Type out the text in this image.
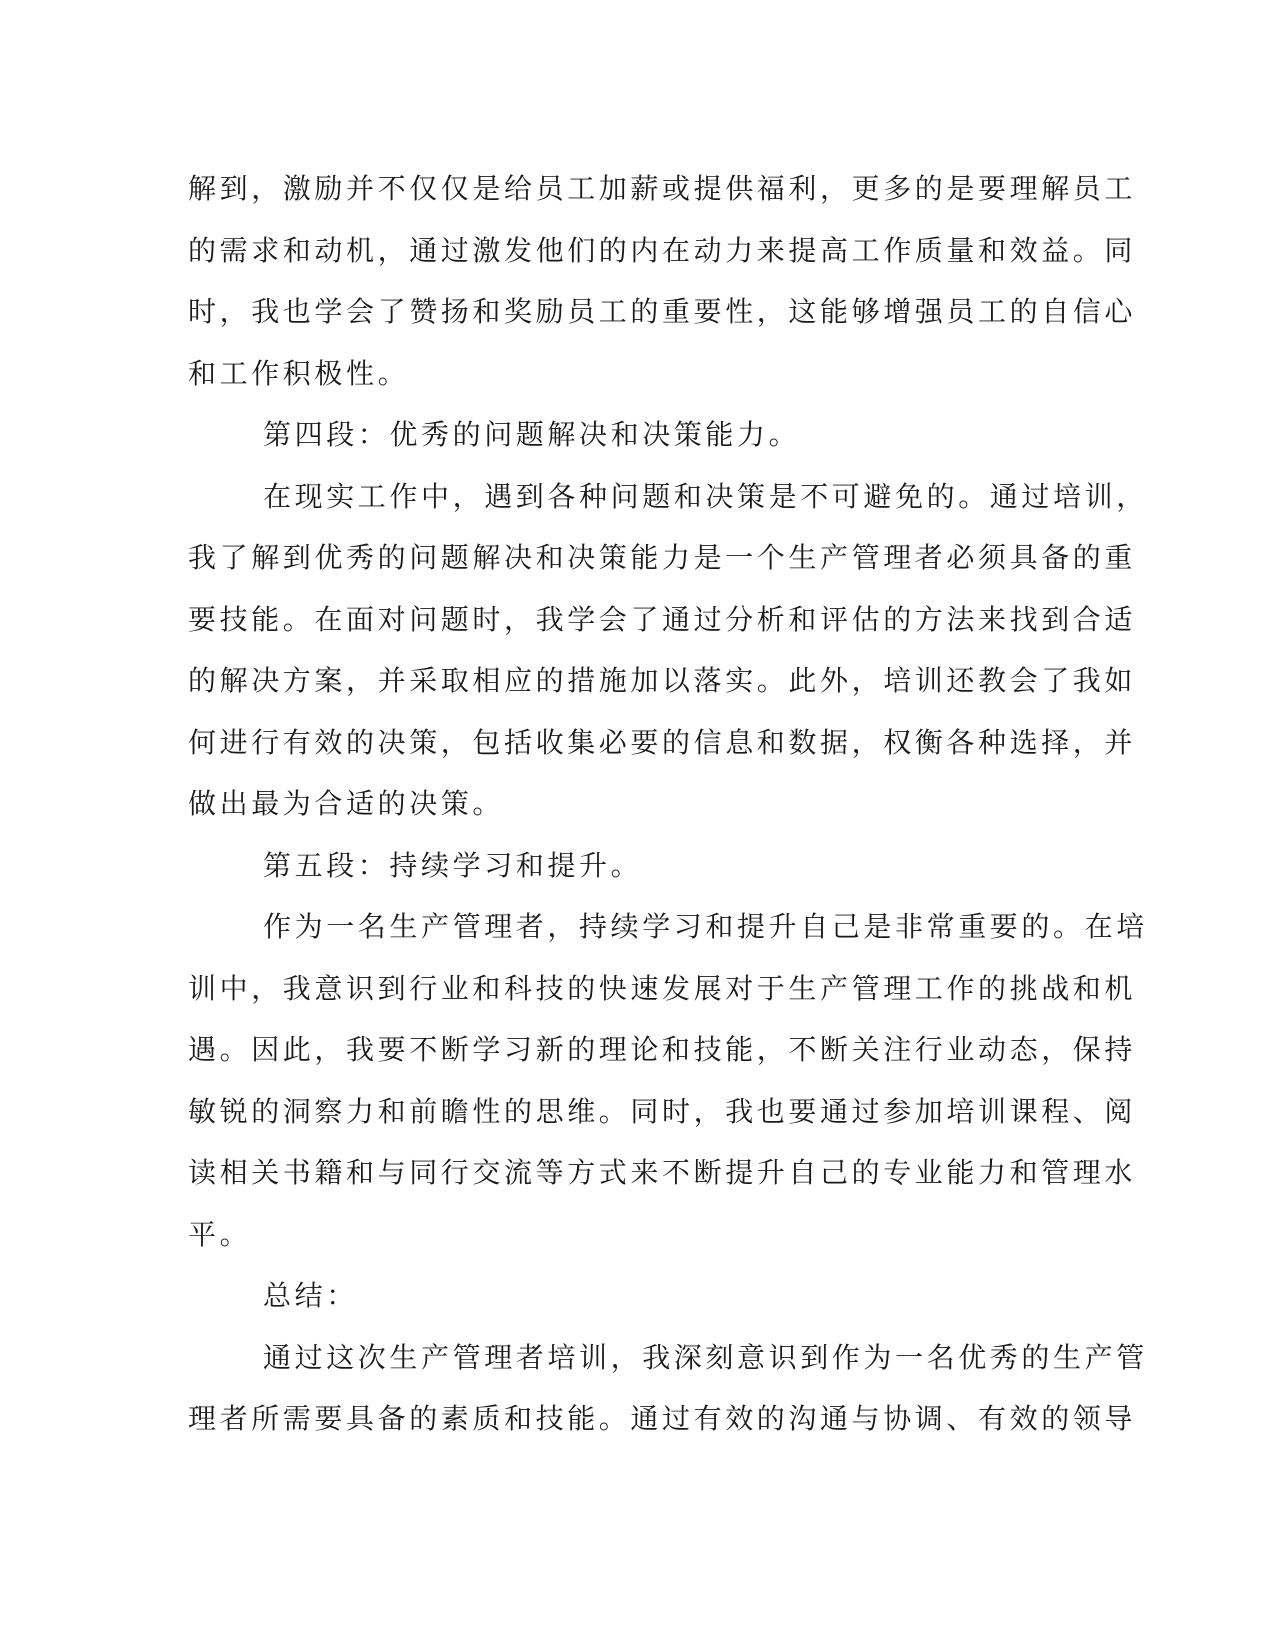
解到，激励并不仅仅是给员工加薪或提供福利，更多的是要理解员工
的需求和动机，通过激发他们的内在动力来提高工作质量和效益。同
时，我也学会了赞扬和奖励员工的重要性，这能够增强员工的自信心
和工作积极性。
第四段：优秀的问题解决和决策能力。
在现实工作中，遇到各种问题和决策是不可避免的。通过培训，
我了解到优秀的问题解决和决策能力是一个生产管理者必须具备的重
要技能。在面对问题时，我学会了通过分析和评估的方法来找到合适
的解决方案，并采取相应的措施加以落实。此外，培训还教会了我如
何进行有效的决策，包括收集必要的信息和数据，权衡各种选择，并
做出最为合适的决策。
第五段：持续学习和提升。
作为一名生产管理者，持续学习和提升自己是非常重要的。在培
训中，我意识到行业和科技的快速发展对于生产管理工作的挑战和机
遇。因此，我要不断学习新的理论和技能，不断关注行业动态，保持
敏锐的洞察力和前瞻性的思维。同时，我也要通过参加培训课程、阅
读相关书籍和与同行交流等方式来不断提升自己的专业能力和管理水
平。
总结：
通过这次生产管理者培训，我深刻意识到作为一名优秀的生产管
理者所需要具备的素质和技能。通过有效的沟通与协调、有效的领导
